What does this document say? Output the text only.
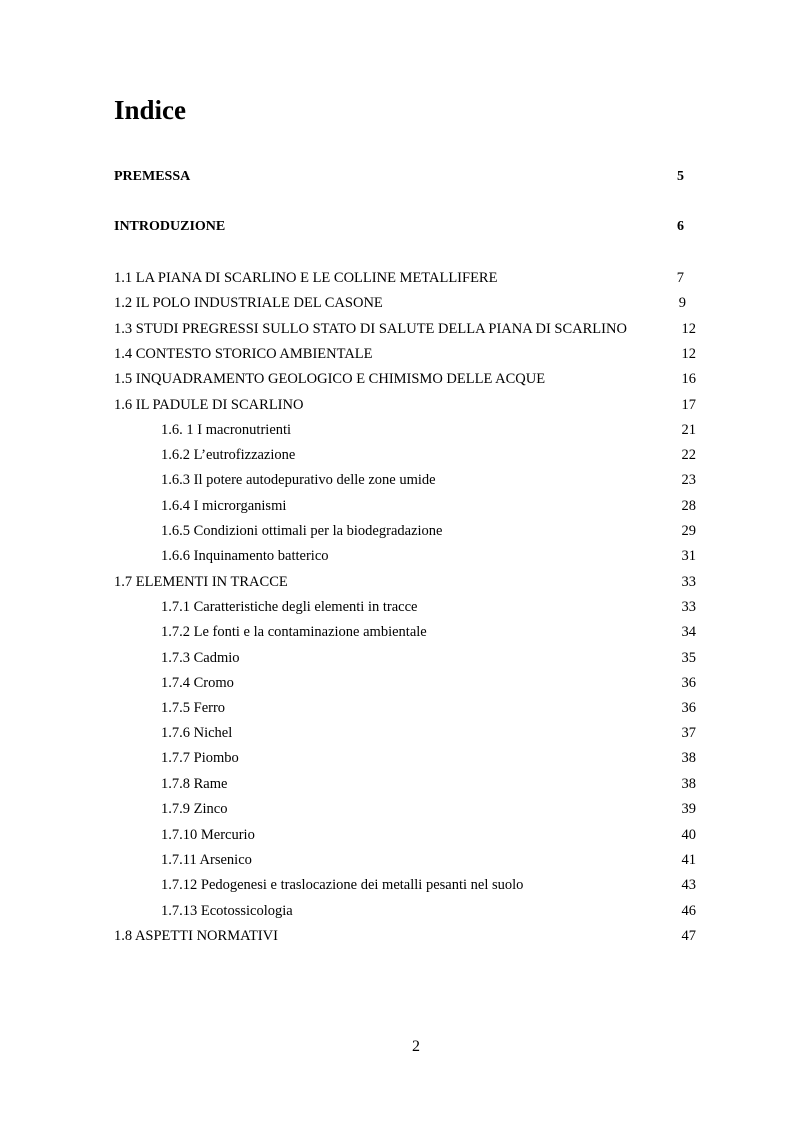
Indice
PREMESSA	5
INTRODUZIONE	6
1.1 LA PIANA DI SCARLINO E LE COLLINE METALLIFERE	7
1.2 IL POLO INDUSTRIALE DEL CASONE	9
1.3 STUDI PREGRESSI SULLO STATO DI SALUTE DELLA PIANA DI SCARLINO	12
1.4 CONTESTO STORICO AMBIENTALE	12
1.5 INQUADRAMENTO GEOLOGICO E CHIMISMO DELLE ACQUE	16
1.6 IL PADULE DI SCARLINO	17
1.6. 1 I macronutrienti	21
1.6.2 L’eutrofizzazione	22
1.6.3 Il potere autodepurativo delle zone umide	23
1.6.4 I microrganismi	28
1.6.5 Condizioni ottimali per la biodegradazione	29
1.6.6 Inquinamento batterico	31
1.7 ELEMENTI IN TRACCE	33
1.7.1 Caratteristiche degli elementi in tracce	33
1.7.2 Le fonti e la contaminazione ambientale	34
1.7.3 Cadmio	35
1.7.4 Cromo	36
1.7.5 Ferro	36
1.7.6 Nichel	37
1.7.7 Piombo	38
1.7.8 Rame	38
1.7.9 Zinco	39
1.7.10 Mercurio	40
1.7.11 Arsenico	41
1.7.12 Pedogenesi e traslocazione dei metalli pesanti nel suolo	43
1.7.13 Ecotossicologia	46
1.8 ASPETTI NORMATIVI	47
2
